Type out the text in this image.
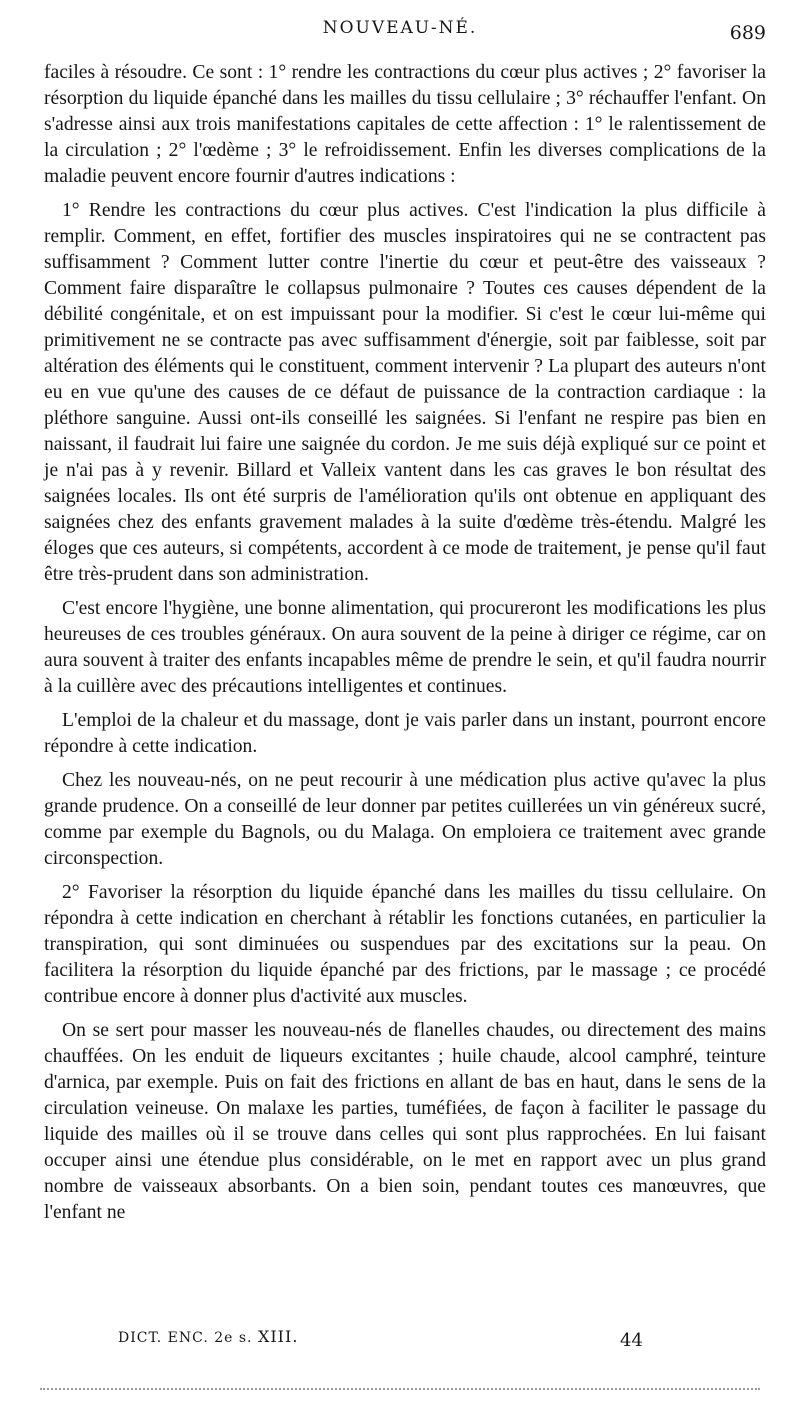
NOUVEAU-NÉ.	689

faciles à résoudre. Ce sont : 1° rendre les contractions du cœur plus actives ; 2° favoriser la résorption du liquide épanché dans les mailles du tissu cellulaire ; 3° réchauffer l'enfant. On s'adresse ainsi aux trois manifestations capitales de cette affection : 1° le ralentissement de la circulation ; 2° l'œdème ; 3° le refroidissement. Enfin les diverses complications de la maladie peuvent encore fournir d'autres indications :

1° Rendre les contractions du cœur plus actives. C'est l'indication la plus difficile à remplir. Comment, en effet, fortifier des muscles inspiratoires qui ne se contractent pas suffisamment ? Comment lutter contre l'inertie du cœur et peut-être des vaisseaux ? Comment faire disparaître le collapsus pulmonaire ? Toutes ces causes dépendent de la débilité congénitale, et on est impuissant pour la modifier. Si c'est le cœur lui-même qui primitivement ne se contracte pas avec suffisamment d'énergie, soit par faiblesse, soit par altération des éléments qui le constituent, comment intervenir ? La plupart des auteurs n'ont eu en vue qu'une des causes de ce défaut de puissance de la contraction cardiaque : la pléthore sanguine. Aussi ont-ils conseillé les saignées. Si l'enfant ne respire pas bien en naissant, il faudrait lui faire une saignée du cordon. Je me suis déjà expliqué sur ce point et je n'ai pas à y revenir. Billard et Valleix vantent dans les cas graves le bon résultat des saignées locales. Ils ont été surpris de l'amélioration qu'ils ont obtenue en appliquant des saignées chez des enfants gravement malades à la suite d'œdème très-étendu. Malgré les éloges que ces auteurs, si compétents, accordent à ce mode de traitement, je pense qu'il faut être très-prudent dans son administration.

C'est encore l'hygiène, une bonne alimentation, qui procureront les modifications les plus heureuses de ces troubles généraux. On aura souvent de la peine à diriger ce régime, car on aura souvent à traiter des enfants incapables même de prendre le sein, et qu'il faudra nourrir à la cuillère avec des précautions intelligentes et continues.

L'emploi de la chaleur et du massage, dont je vais parler dans un instant, pourront encore répondre à cette indication.

Chez les nouveau-nés, on ne peut recourir à une médication plus active qu'avec la plus grande prudence. On a conseillé de leur donner par petites cuillerées un vin généreux sucré, comme par exemple du Bagnols, ou du Malaga. On emploiera ce traitement avec grande circonspection.

2° Favoriser la résorption du liquide épanché dans les mailles du tissu cellulaire. On répondra à cette indication en cherchant à rétablir les fonctions cutanées, en particulier la transpiration, qui sont diminuées ou suspendues par des excitations sur la peau. On facilitera la résorption du liquide épanché par des frictions, par le massage ; ce procédé contribue encore à donner plus d'activité aux muscles.

On se sert pour masser les nouveau-nés de flanelles chaudes, ou directement des mains chauffées. On les enduit de liqueurs excitantes ; huile chaude, alcool camphré, teinture d'arnica, par exemple. Puis on fait des frictions en allant de bas en haut, dans le sens de la circulation veineuse. On malaxe les parties, tuméfiées, de façon à faciliter le passage du liquide des mailles où il se trouve dans celles qui sont plus rapprochées. En lui faisant occuper ainsi une étendue plus considérable, on le met en rapport avec un plus grand nombre de vaisseaux absorbants. On a bien soin, pendant toutes ces manœuvres, que l'enfant ne

DICT. ENC. 2e s. XIII.	44
